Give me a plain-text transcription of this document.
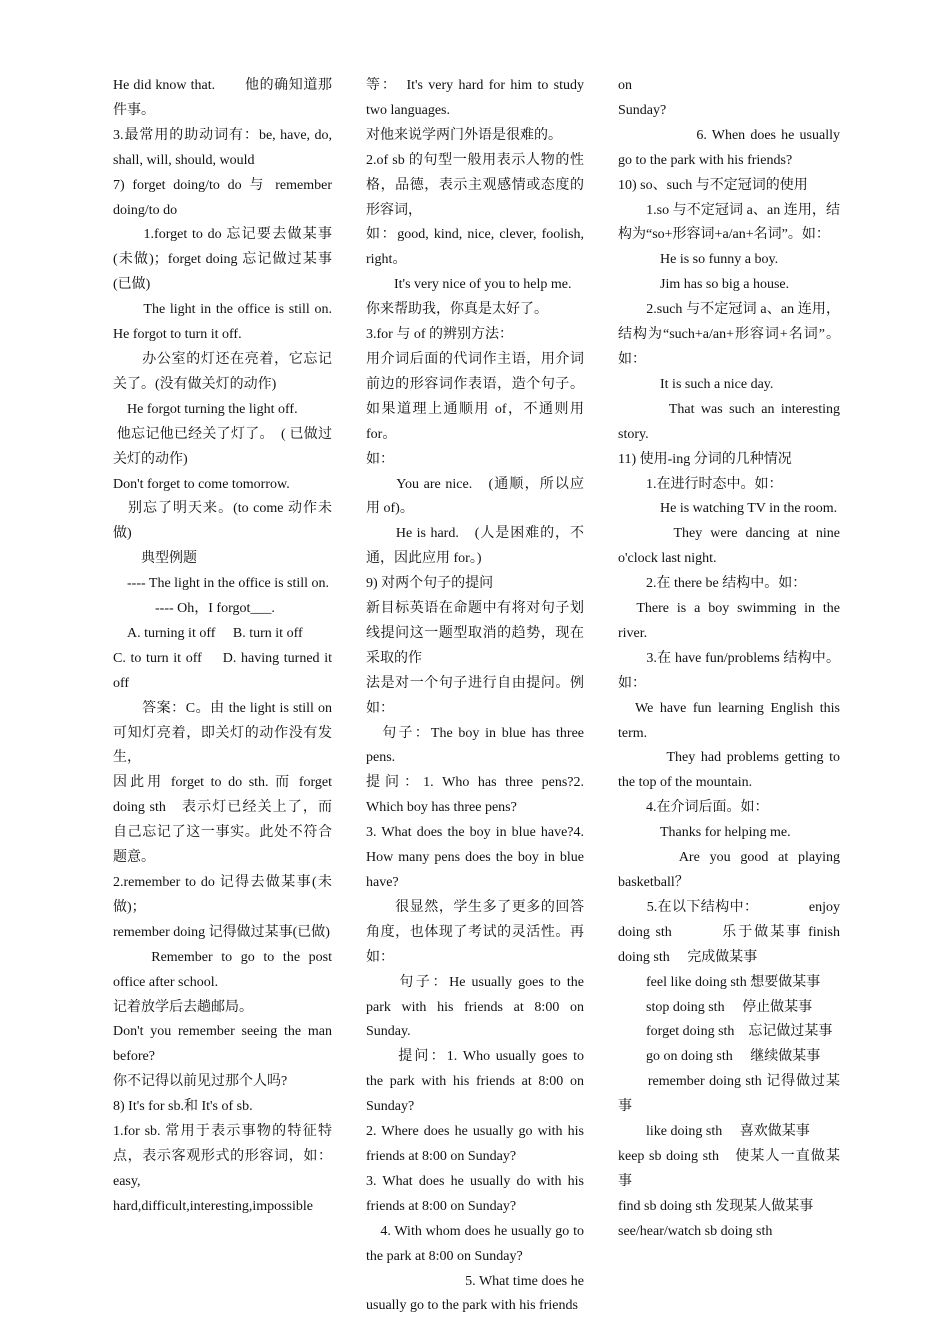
He did know that.　　他的确知道那件事。

3.最常用的助动词有：be, have, do, shall, will, should, would

7) forget doing/to do 与 remember doing/to do

　　1.forget to do 忘记要去做某事(未做)；forget doing 忘记做过某事(已做)

　　The light in the office is still on. He forgot to turn it off.

　　办公室的灯还在亮着，它忘记关了。(没有做关灯的动作)

　He forgot turning the light off.

他忘记他已经关了灯了。　( 已做过关灯的动作)

Don't forget to come tomorrow.

　别忘了明天来。(to come 动作未做)

　　典型例题

　---- The light in the office is still on.

　　　---- Oh，I forgot___.

　A. turning it off　 B. turn it off

C. to turn it off　 D. having turned it off

　　答案：C。由 the light is still on 可知灯亮着，即关灯的动作没有发生，

因此用 forget to do sth. 而 forget doing sth　表示灯已经关上了，而自己忘记了这一事实。此处不符合题意。

2.remember to do 记得去做某事(未做)；

remember doing 记得做过某事(已做)

　　Remember to go to the post office after school.

记着放学后去趟邮局。

Don't you remember seeing the man before?

你不记得以前见过那个人吗?

8) It's for sb.和 It's of sb.

1.for sb. 常用于表示事物的特征特点，表示客观形式的形容词，如：easy, hard,difficult,interesting,impossible

等：　It's very hard for him to study two languages.

对他来说学两门外语是很难的。

2.of sb 的句型一般用表示人物的性格，品德，表示主观感情或态度的形容词，

如：good, kind, nice, clever, foolish, right。

　　It's very nice of you to help me.

你来帮助我，你真是太好了。

3.for 与 of 的辨别方法：

用介词后面的代词作主语，用介词前边的形容词作表语，造个句子。如果道理上通顺用 of，不通则用 for。

如：

　　You are nice.　(通顺，所以应用 of)。

　　He is hard.　(人是困难的，不通，因此应用 for。)

9) 对两个句子的提问

新目标英语在命题中有将对句子划线提问这一题型取消的趋势，现在采取的作

法是对一个句子进行自由提问。例如：

　句子：The boy in blue has three pens.

提问：1. Who has three pens?2. Which boy has three pens?

3. What does the boy in blue have?4. How many pens does the boy in blue have?

　　很显然，学生多了更多的回答角度，也体现了考试的灵活性。再如：

　　句子：He usually goes to the park with his friends at 8:00 on Sunday.

　　提问：1. Who usually goes to the park with his friends at 8:00 on Sunday?

2. Where does he usually go with his friends at 8:00 on Sunday?

3. What does he usually do with his friends at 8:00 on Sunday?

　4. With whom does he usually go to the park at 8:00 on Sunday?

　　　　　　　5. What time does he usually go to the park with his friends

on

Sunday?

　　　　　6. When does he usually go to the park with his friends?

10) so、such 与不定冠词的使用

　　1.so 与不定冠词 a、an 连用，结构为“so+形容词+a/an+名词”。如：

　　　He is so funny a boy.

　　　Jim has so big a house.

　　2.such 与不定冠词 a、an 连用，结构为“such+a/an+形容词+名词”。如：

　　　It is such a nice day.

　　　That was such an interesting story.

11) 使用-ing 分词的几种情况

　　1.在进行时态中。如：

　　　He is watching TV in the room.

　　　They were dancing at nine o'clock last night.

　　2.在 there be 结构中。如：

　There is a boy swimming in the river.

　　3.在 have fun/problems 结构中。如：

　We have fun learning English this term.

　　　They had problems getting to the top of the mountain.

　　4.在介词后面。如：

　　　Thanks for helping me.

　　　Are you good at playing basketball？

　　5.在以下结构中：　　　　enjoy doing sth　　　乐于做某事 finish doing sth　 完成做某事

　　feel like doing sth 想要做某事

　　stop doing sth　 停止做某事

　　forget doing sth　忘记做过某事

　　go on doing sth　 继续做某事

　　remember doing sth 记得做过某事

　　like doing sth　 喜欢做某事

keep sb doing sth　使某人一直做某事

find sb doing sth 发现某人做某事

see/hear/watch sb doing sth
